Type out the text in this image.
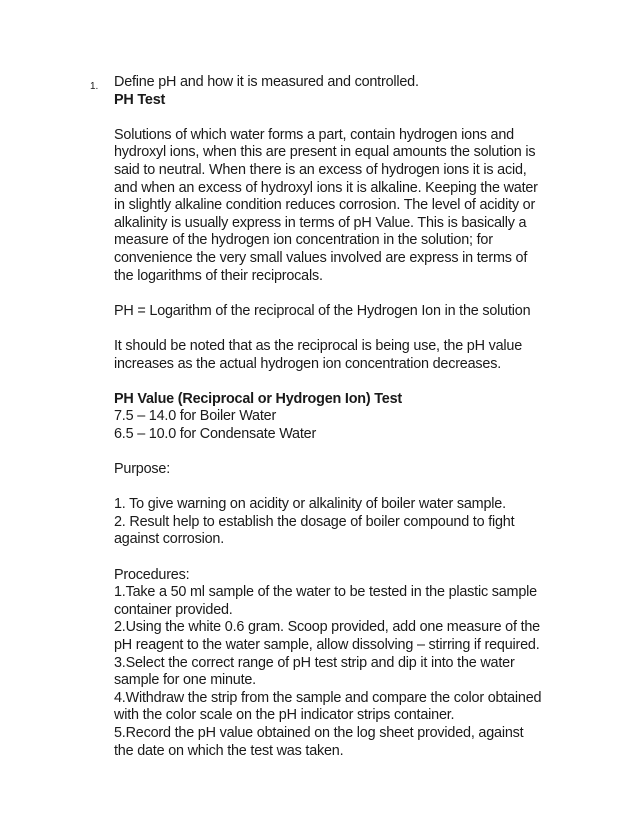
1. Define pH and how it is measured and controlled.

PH Test

Solutions of which water forms a part, contain hydrogen ions and

hydroxyl ions, when this are present in equal amounts the solution is

said to neutral. When there is an excess of hydrogen ions it is acid,

and when an excess of hydroxyl ions it is alkaline. Keeping the water

in slightly alkaline condition reduces corrosion. The level of acidity or

alkalinity is usually express in terms of pH Value. This is basically a

measure of the hydrogen ion concentration in the solution; for

convenience the very small values involved are express in terms of

the logarithms of their reciprocals.

PH = Logarithm of the reciprocal of the Hydrogen Ion in the solution

It should be noted that as the reciprocal is being use, the pH value

increases as the actual hydrogen ion concentration decreases.

PH Value (Reciprocal or Hydrogen Ion) Test

7.5 – 14.0 for Boiler Water

6.5 – 10.0 for Condensate Water

Purpose:

1. To give warning on acidity or alkalinity of boiler water sample.

2. Result help to establish the dosage of boiler compound to fight

against corrosion.

Procedures:

1.Take a 50 ml sample of the water to be tested in the plastic sample

container provided.

2.Using the white 0.6 gram. Scoop provided, add one measure of the

pH reagent to the water sample, allow dissolving – stirring if required.

3.Select the correct range of pH test strip and dip it into the water

sample for one minute.

4.Withdraw the strip from the sample and compare the color obtained

with the color scale on the pH indicator strips container.

5.Record the pH value obtained on the log sheet provided, against

the date on which the test was taken.
